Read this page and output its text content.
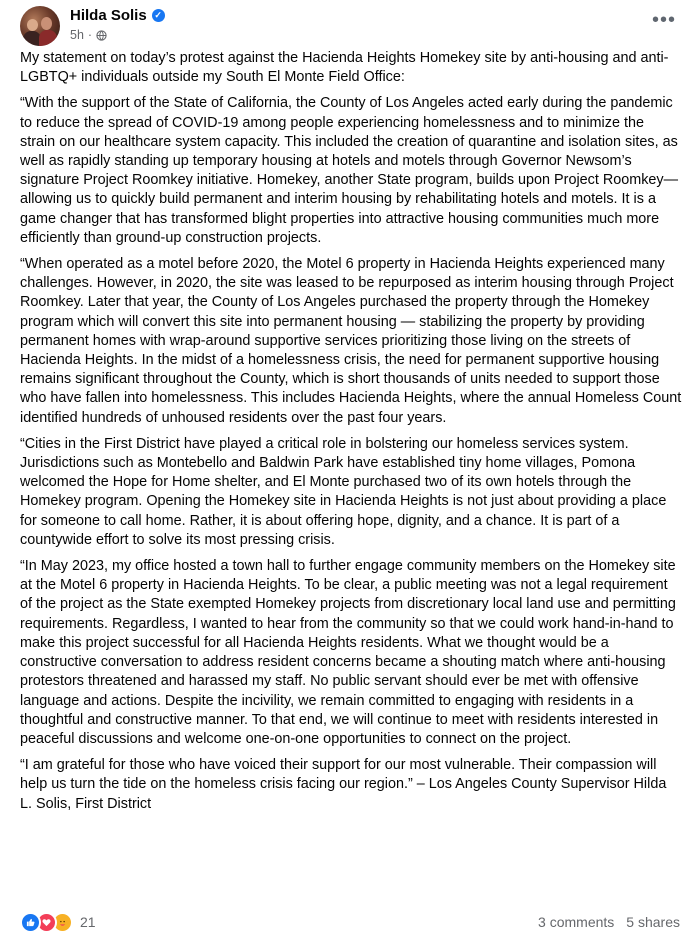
Hilda Solis ✓
5h ·
•••

My statement on today’s protest against the Hacienda Heights Homekey site by anti-housing and anti-LGBTQ+ individuals outside my South El Monte Field Office:

“With the support of the State of California, the County of Los Angeles acted early during the pandemic to reduce the spread of COVID-19 among people experiencing homelessness and to minimize the strain on our healthcare system capacity. This included the creation of quarantine and isolation sites, as well as rapidly standing up temporary housing at hotels and motels through Governor Newsom’s signature Project Roomkey initiative. Homekey, another State program, builds upon Project Roomkey—allowing us to quickly build permanent and interim housing by rehabilitating hotels and motels. It is a game changer that has transformed blight properties into attractive housing communities much more efficiently than ground-up construction projects.

“When operated as a motel before 2020, the Motel 6 property in Hacienda Heights experienced many challenges. However, in 2020, the site was leased to be repurposed as interim housing through Project Roomkey. Later that year, the County of Los Angeles purchased the property through the Homekey program which will convert this site into permanent housing — stabilizing the property by providing permanent homes with wrap-around supportive services prioritizing those living on the streets of Hacienda Heights. In the midst of a homelessness crisis, the need for permanent supportive housing remains significant throughout the County, which is short thousands of units needed to support those who have fallen into homelessness. This includes Hacienda Heights, where the annual Homeless Count identified hundreds of unhoused residents over the past four years.

“Cities in the First District have played a critical role in bolstering our homeless services system. Jurisdictions such as Montebello and Baldwin Park have established tiny home villages, Pomona welcomed the Hope for Home shelter, and El Monte purchased two of its own hotels through the Homekey program. Opening the Homekey site in Hacienda Heights is not just about providing a place for someone to call home. Rather, it is about offering hope, dignity, and a chance. It is part of a countywide effort to solve its most pressing crisis.

“In May 2023, my office hosted a town hall to further engage community members on the Homekey site at the Motel 6 property in Hacienda Heights. To be clear, a public meeting was not a legal requirement of the project as the State exempted Homekey projects from discretionary local land use and permitting requirements. Regardless, I wanted to hear from the community so that we could work hand-in-hand to make this project successful for all Hacienda Heights residents. What we thought would be a constructive conversation to address resident concerns became a shouting match where anti-housing protestors threatened and harassed my staff. No public servant should ever be met with offensive language and actions. Despite the incivility, we remain committed to engaging with residents in a thoughtful and constructive manner. To that end, we will continue to meet with residents interested in peaceful discussions and welcome one-on-one opportunities to connect on the project.

“I am grateful for those who have voiced their support for our most vulnerable. Their compassion will help us turn the tide on the homeless crisis facing our region.” – Los Angeles County Supervisor Hilda L. Solis, First District

21	3 comments 5 shares
